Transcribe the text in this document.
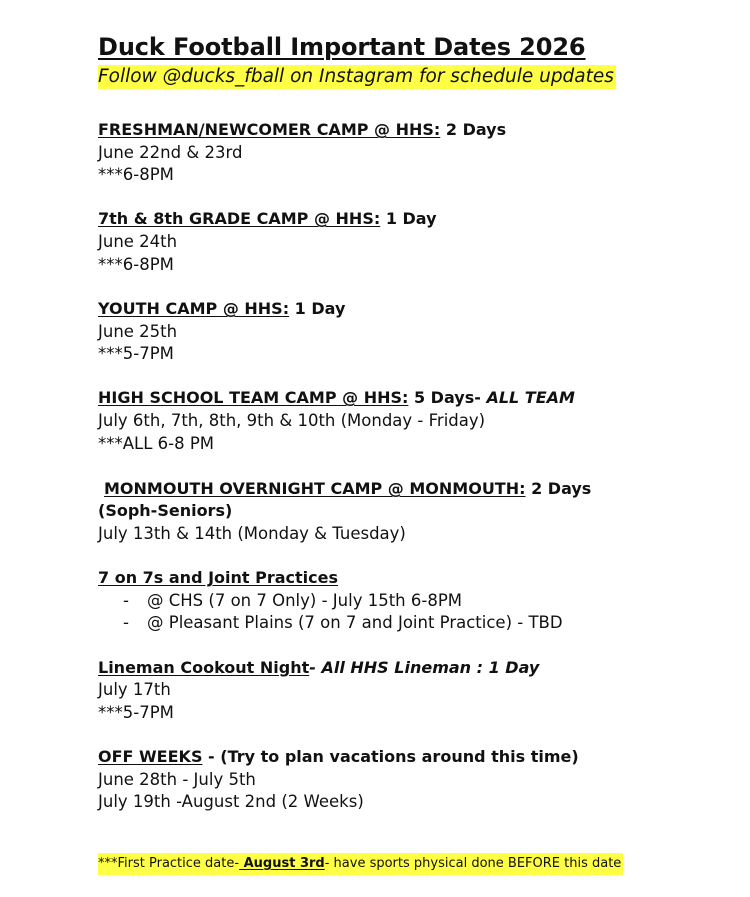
Duck Football Important Dates 2026
Follow @ducks_fball on Instagram for schedule updates
FRESHMAN/NEWCOMER CAMP @ HHS: 2 Days
June 22nd & 23rd
***6-8PM
7th & 8th GRADE CAMP @ HHS: 1 Day
June 24th
***6-8PM
YOUTH CAMP @ HHS: 1 Day
June 25th
***5-7PM
HIGH SCHOOL TEAM CAMP @ HHS: 5 Days- ALL TEAM
July 6th, 7th, 8th, 9th & 10th (Monday - Friday)
***ALL 6-8 PM
MONMOUTH OVERNIGHT CAMP @ MONMOUTH: 2 Days
(Soph-Seniors)
July 13th & 14th (Monday & Tuesday)
7 on 7s and Joint Practices
- @ CHS (7 on 7 Only) - July 15th 6-8PM
- @ Pleasant Plains (7 on 7 and Joint Practice) - TBD
Lineman Cookout Night- All HHS Lineman : 1 Day
July 17th
***5-7PM
OFF WEEKS - (Try to plan vacations around this time)
June 28th - July 5th
July 19th -August 2nd (2 Weeks)
***First Practice date- August 3rd- have sports physical done BEFORE this date
